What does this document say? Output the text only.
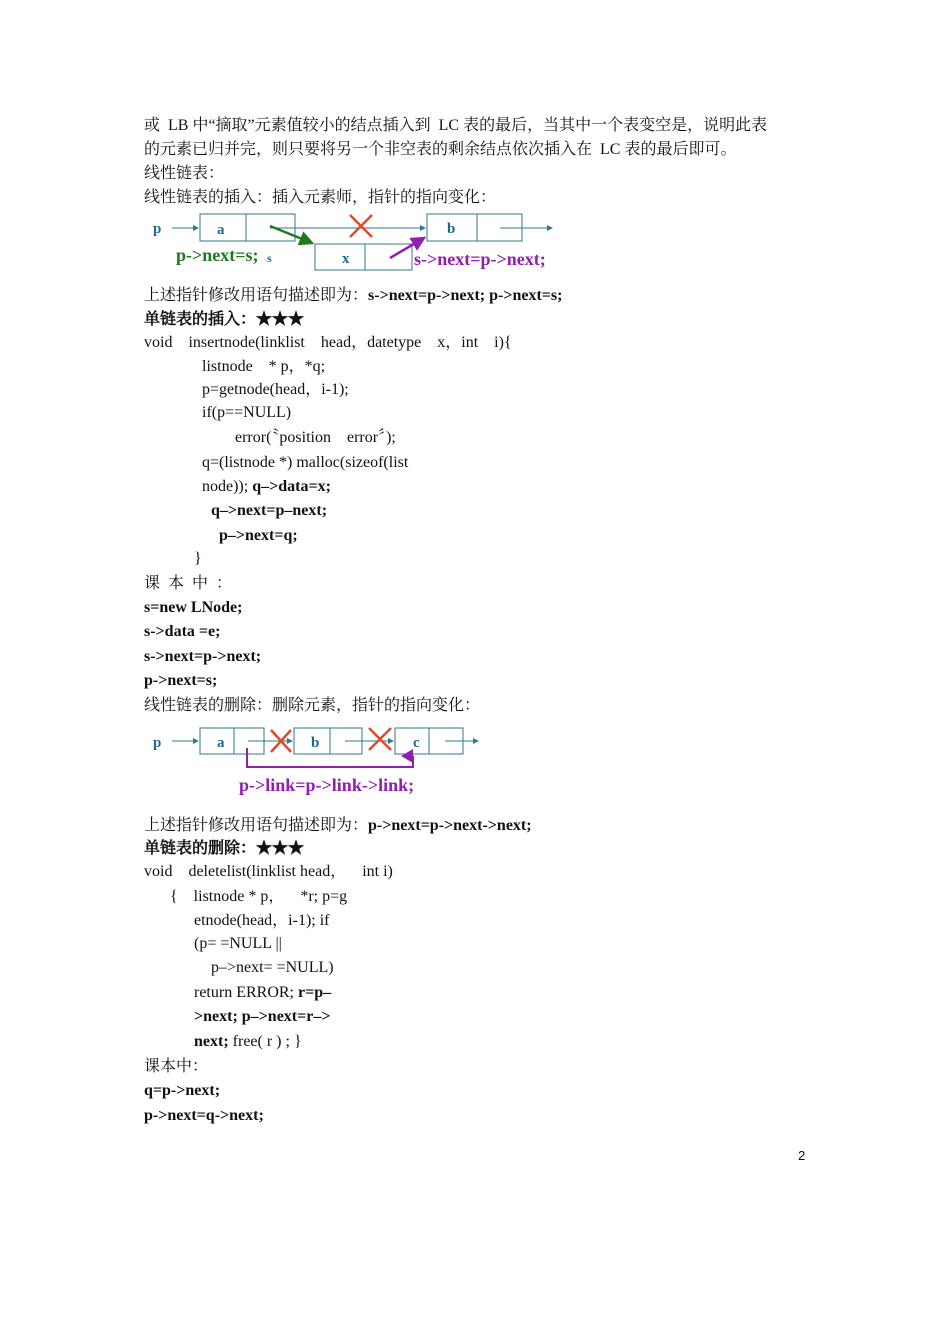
或  LB 中“摘取”元素值较小的结点插入到  LC 表的最后，当其中一个表变空是，说明此表
的元素已归并完，则只要将另一个非空表的剩余结点依次插入在  LC 表的最后即可。
线性链表：
线性链表的插入：插入元素师，指针的指向变化：
p	a	b
x
s
p->next=s;	s->next=p->next;
上述指针修改用语句描述即为：s->next=p->next; p->next=s;
单链表的插入：★★★
void    insertnode(linklist    head，datetype    x，int    i){
listnode    * p，*q;
p=getnode(head，i-1);
if(p==NULL)
error(〝position    error〞);
q=(listnode *) malloc(sizeof(list
node)); q–>data=x;
q–>next=p–next;
p–>next=q;
}
课  本  中  ：
s=new LNode;
s->data =e;
s->next=p->next;
p->next=s;
线性链表的删除：删除元素，指针的指向变化：
p	a	b	c
p->link=p->link->link;
上述指针修改用语句描述即为：p->next=p->next->next;
单链表的删除：★★★
void    deletelist(linklist head，    int i)
{    listnode * p，    *r; p=g
etnode(head，i-1); if
(p= =NULL ||
p–>next= =NULL)
return ERROR; r=p–
>next; p–>next=r–>
next; free( r ) ; }
课本中：
q=p->next;
p->next=q->next;
2
